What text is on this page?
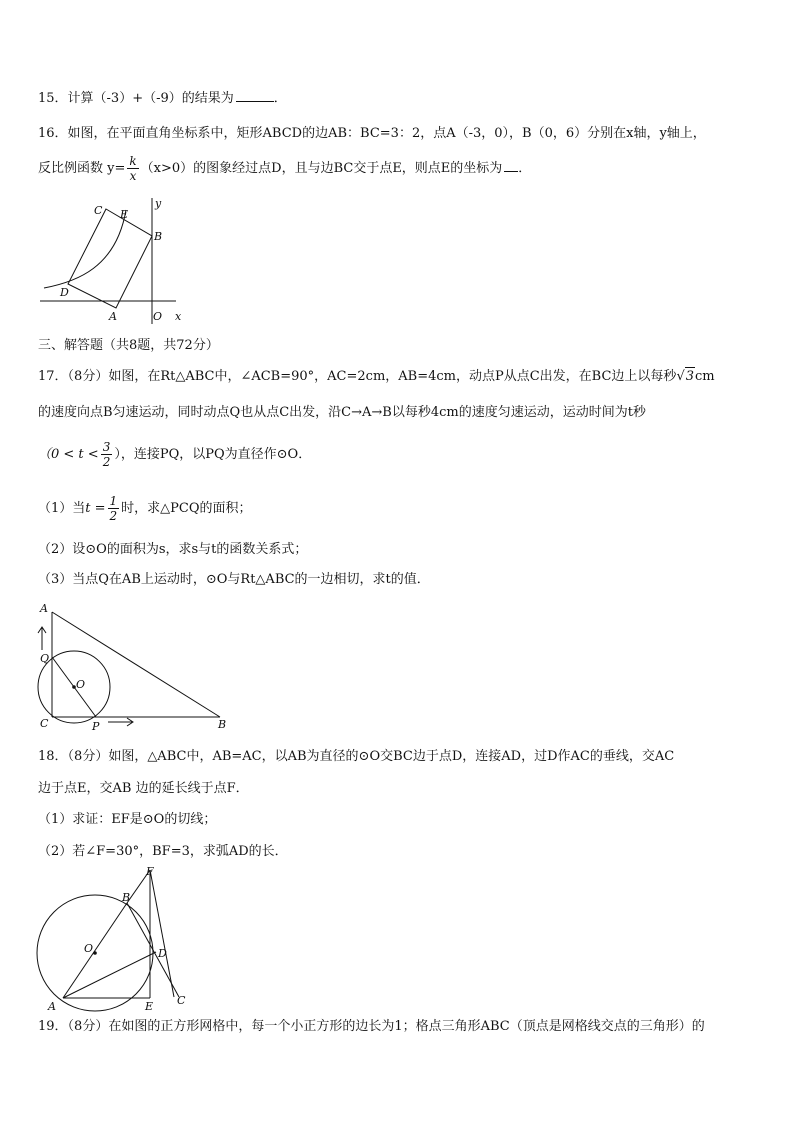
15．计算（-3）+（-9）的结果为	．
16．如图，在平面直角坐标系中，矩形ABCD的边AB：BC=3：2，点A（-3，0），B（0，6）分别在x轴，y轴上，
反比例函数 $y= \frac{k}{x} (x>0)$的图象经过点D，且与边BC交于点E，则点E的坐标为 ．
C E
y
B
D
A	O x
三、解答题（共8题，共72分）
17．（8分）如图，在Rt△ABC中，∠ACB=90°，AC=2cm，AB=4cm，动点P从点C出发，在BC边上以每秒√3cm
的速度向点B匀速运动，同时动点Q也从点C出发，沿C→A→B以每秒4cm的速度匀速运动，运动时间为t秒
（$0 < t < \frac{3}{2}$ ），连接PQ，以PQ为直径作⊙O．
（1）当$t = \frac{1}{2}$ 时，求△PCQ的面积；
（2）设⊙O的面积为s，求s与t的函数关系式；
（3）当点Q在AB上运动时，⊙O与Rt△ABC的一边相切，求t的值．
A
Q
O
C	P	B
18．（8分）如图，△ABC中，AB=AC，以AB为直径的⊙O交BC边于点D，连接AD，过D作AC的垂线，交AC
边于点E，交AB 边的延长线于点F．
（1）求证：EF是⊙O的切线；
（2）若∠F=30°，BF=3，求弧AD的长．
F
B
O	D
A	E C
19．（8分）在如图的正方形网格中，每一个小正方形的边长为1；格点三角形ABC（顶点是网格线交点的三角形）的
